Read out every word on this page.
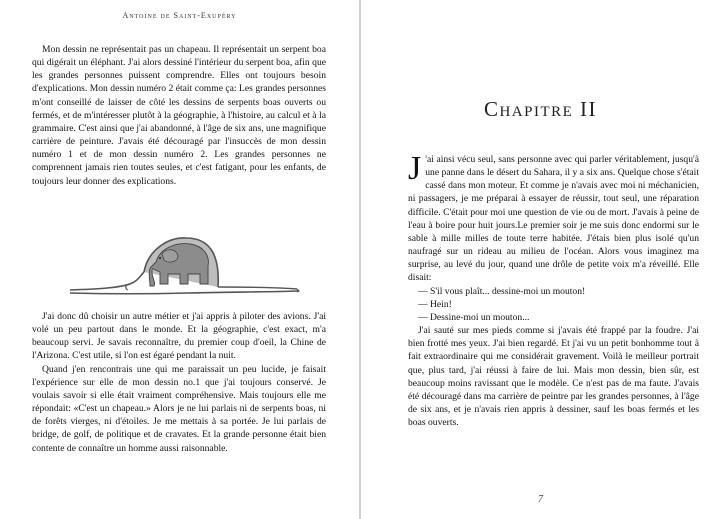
Antoine de Saint-Exupéry

Mon dessin ne représentait pas un chapeau. Il représentait un serpent boa qui digérait un éléphant. J'ai alors dessiné l'intérieur du serpent boa, afin que les grandes personnes puissent comprendre. Elles ont toujours besoin d'explications. Mon dessin numéro 2 était comme ça: Les grandes personnes m'ont conseillé de laisser de côté les dessins de serpents boas ouverts ou fermés, et de m'intéresser plutôt à la géographie, à l'histoire, au calcul et à la grammaire. C'est ainsi que j'ai abandonné, à l'âge de six ans, une magnifique carrière de peinture. J'avais été découragé par l'insuccès de mon dessin numéro 1 et de mon dessin numéro 2. Les grandes personnes ne comprennent jamais rien toutes seules, et c'est fatigant, pour les enfants, de toujours leur donner des explications.

J'ai donc dû choisir un autre métier et j'ai appris à piloter des avions. J'ai volé un peu partout dans le monde. Et la géographie, c'est exact, m'a beaucoup servi. Je savais reconnaître, du premier coup d'oeil, la Chine de l'Arizona. C'est utile, si l'on est égaré pendant la nuit.

Quand j'en rencontrais une qui me paraissait un peu lucide, je faisait l'expérience sur elle de mon dessin no.1 que j'ai toujours conservé. Je voulais savoir si elle était vraiment compréhensive. Mais toujours elle me répondait: «C'est un chapeau.» Alors je ne lui parlais ni de serpents boas, ni de forêts vierges, ni d'étoiles. Je me mettais à sa portée. Je lui parlais de bridge, de golf, de politique et de cravates. Et la grande personne était bien contente de connaître un homme aussi raisonnable.

Chapitre II

J 'ai ainsi vécu seul, sans personne avec qui parler véritablement, jusqu'à une panne dans le désert du Sahara, il y a six ans. Quelque chose s'était cassé dans mon moteur. Et comme je n'avais avec moi ni méchanicien, ni passagers, je me préparai à essayer de réussir, tout seul, une réparation difficile. C'était pour moi une question de vie ou de mort. J'avais à peine de l'eau à boire pour huit jours.Le premier soir je me suis donc endormi sur le sable à mille milles de toute terre habitée. J'étais bien plus isolé qu'un naufragé sur un rideau au milieu de l'océan. Alors vous imaginez ma surprise, au levé du jour, quand une drôle de petite voix m'a réveillé. Elle disait:

— S'il vous plaît... dessine-moi un mouton!

— Hein!

— Dessine-moi un mouton...

J'ai sauté sur mes pieds comme si j'avais été frappé par la foudre. J'ai bien frotté mes yeux. J'ai bien regardé. Et j'ai vu un petit bonhomme tout à fait extraordinaire qui me considérait gravement. Voilà le meilleur portrait que, plus tard, j'ai réussi à faire de lui. Mais mon dessin, bien sûr, est beaucoup moins ravissant que le modèle. Ce n'est pas de ma faute. J'avais été découragé dans ma carrière de peintre par les grandes personnes, à l'âge de six ans, et je n'avais rien appris à dessiner, sauf les boas fermés et les boas ouverts.

7
